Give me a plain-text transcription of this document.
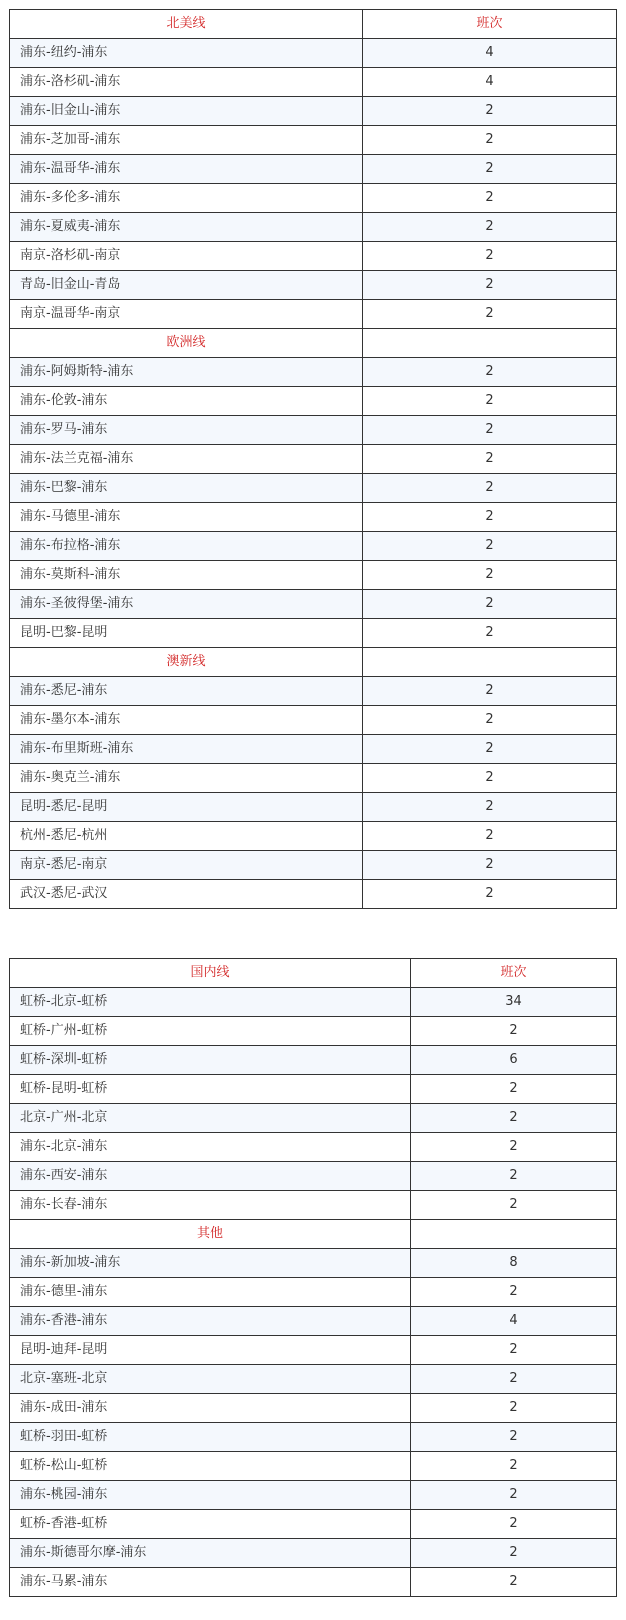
北美线	班次
浦东-纽约-浦东	4
浦东-洛杉矶-浦东	4
浦东-旧金山-浦东	2
浦东-芝加哥-浦东	2
浦东-温哥华-浦东	2
浦东-多伦多-浦东	2
浦东-夏威夷-浦东	2
南京-洛杉矶-南京	2
青岛-旧金山-青岛	2
南京-温哥华-南京	2
欧洲线	
浦东-阿姆斯特-浦东	2
浦东-伦敦-浦东	2
浦东-罗马-浦东	2
浦东-法兰克福-浦东	2
浦东-巴黎-浦东	2
浦东-马德里-浦东	2
浦东-布拉格-浦东	2
浦东-莫斯科-浦东	2
浦东-圣彼得堡-浦东	2
昆明-巴黎-昆明	2
澳新线	
浦东-悉尼-浦东	2
浦东-墨尔本-浦东	2
浦东-布里斯班-浦东	2
浦东-奥克兰-浦东	2
昆明-悉尼-昆明	2
杭州-悉尼-杭州	2
南京-悉尼-南京	2
武汉-悉尼-武汉	2
国内线	班次
虹桥-北京-虹桥	34
虹桥-广州-虹桥	2
虹桥-深圳-虹桥	6
虹桥-昆明-虹桥	2
北京-广州-北京	2
浦东-北京-浦东	2
浦东-西安-浦东	2
浦东-长春-浦东	2
其他	
浦东-新加坡-浦东	8
浦东-德里-浦东	2
浦东-香港-浦东	4
昆明-迪拜-昆明	2
北京-塞班-北京	2
浦东-成田-浦东	2
虹桥-羽田-虹桥	2
虹桥-松山-虹桥	2
浦东-桃园-浦东	2
虹桥-香港-虹桥	2
浦东-斯德哥尔摩-浦东	2
浦东-马累-浦东	2
